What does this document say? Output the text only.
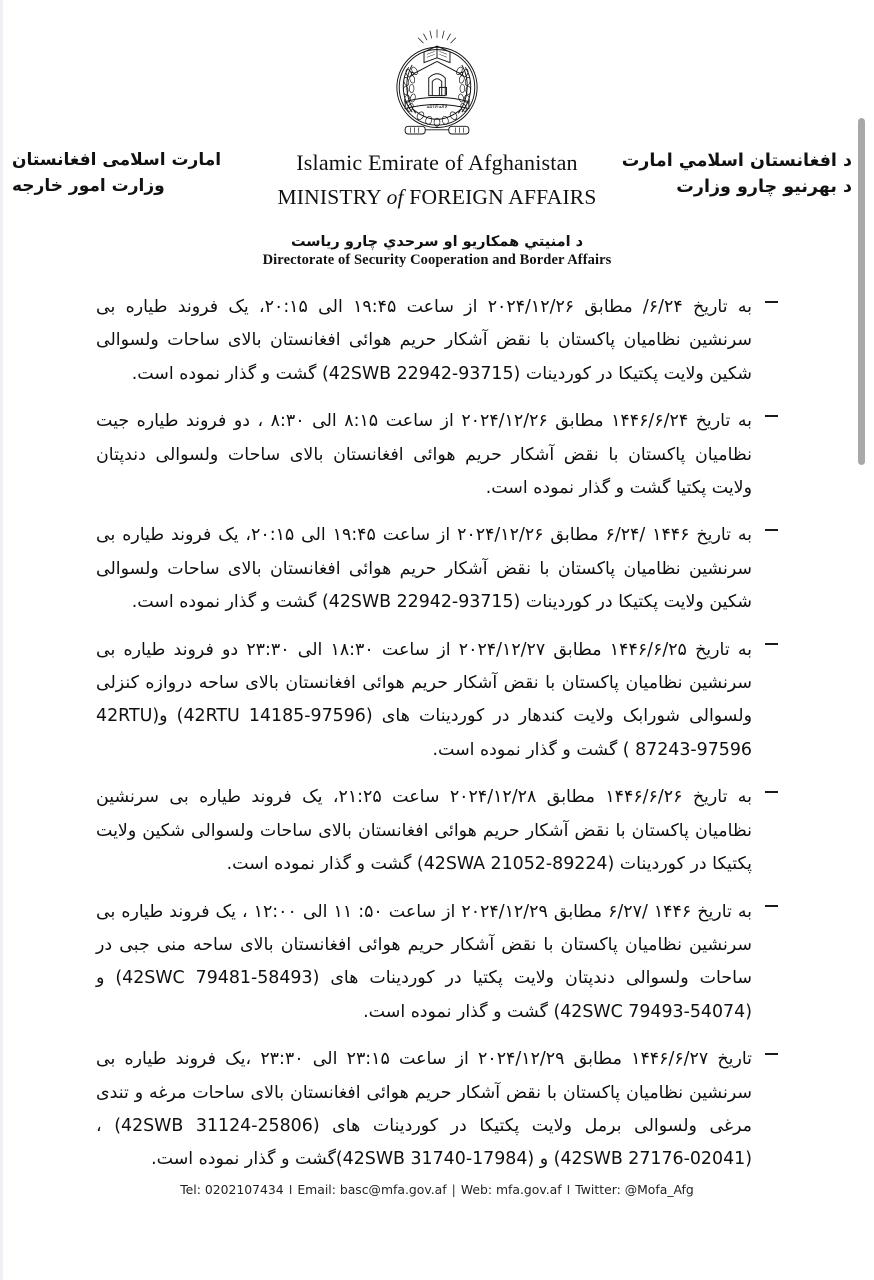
لااله‌الاالله
د افغانستان اسلامي امارت
د بهرنیو چارو وزارت
Islamic Emirate of Afghanistan
MINISTRY of FOREIGN AFFAIRS
امارت اسلامی افغانستان
وزارت امور خارجه
د امنیتي همکاریو او سرحدي چارو ریاست
Directorate of Security Cooperation and Border Affairs
به تاریخ ‎/۶/۲۴ مطابق ۲۰۲۴/۱۲/۲۶ از ساعت ۱۹:۴۵ الی ۲۰:۱۵، یک فروند طیاره بی سرنشین نظامیان پاکستان با نقض آشکار حریم هوائی افغانستان بالای ساحات ولسوالی شکین ولایت پکتیکا در کوردینات (42SWB 22942-93715) گشت و گذار نموده است.
به تاریخ ۱۴۴۶/۶/۲۴ مطابق ۲۰۲۴/۱۲/۲۶ از ساعت ۸:۱۵ الی ۸:۳۰ ، دو فروند طیاره جیت نظامیان پاکستان با نقض آشکار حریم هوائی افغانستان بالای ساحات ولسوالی دندپتان ولایت پکتیا گشت و گذار نموده است.
به تاریخ ۱۴۴۶ /۶/۲۴ مطابق ۲۰۲۴/۱۲/۲۶ از ساعت ۱۹:۴۵ الی ۲۰:۱۵، یک فروند طیاره بی سرنشین نظامیان پاکستان با نقض آشکار حریم هوائی افغانستان بالای ساحات ولسوالی شکین ولایت پکتیکا در کوردینات (42SWB 22942-93715) گشت و گذار نموده است.
به تاریخ ۱۴۴۶/۶/۲۵ مطابق ۲۰۲۴/۱۲/۲۷ از ساعت ۱۸:۳۰ الی ۲۳:۳۰ دو فروند طیاره بی سرنشین نظامیان پاکستان با نقض آشکار حریم هوائی افغانستان بالای ساحه دروازه کنزلی ولسوالی شورابک ولایت کندهار در کوردینات های (42RTU 14185-97596) و(42RTU 87243-97596 ) گشت و گذار نموده است.
به تاریخ ۱۴۴۶/۶/۲۶ مطابق ۲۰۲۴/۱۲/۲۸ ساعت ۲۱:۲۵، یک فروند طیاره بی سرنشین نظامیان پاکستان با نقض آشکار حریم هوائی افغانستان بالای ساحات ولسوالی شکین ولایت پکتیکا در کوردینات (42SWA 21052-89224) گشت و گذار نموده است.
به تاریخ ۱۴۴۶ /۶/۲۷ مطابق ۲۰۲۴/۱۲/۲۹ از ساعت ۵۰: ۱۱ الی ۱۲:۰۰ ، یک فروند طیاره بی سرنشین نظامیان پاکستان با نقض آشکار حریم هوائی افغانستان بالای ساحه منی جبی در ساحات ولسوالی دندپتان ولایت پکتیا در کوردینات های (42SWC 79481-58493) و (42SWC 79493-54074) گشت و گذار نموده است.
تاریخ ۱۴۴۶/۶/۲۷ مطابق ۲۰۲۴/۱۲/۲۹ از ساعت ۲۳:۱۵ الی ۲۳:۳۰ ،یک فروند طیاره بی سرنشین نظامیان پاکستان با نقض آشکار حریم هوائی افغانستان بالای ساحات مرغه و تندی مرغی ولسوالی برمل ولایت پکتیکا در کوردینات های (42SWB 31124-25806) ، (42SWB 27176-02041) و (42SWB 31740-17984)گشت و گذار نموده است.
Tel: 0202107434 I Email: basc@mfa.gov.af | Web: mfa.gov.af I Twitter: @Mofa_Afg
